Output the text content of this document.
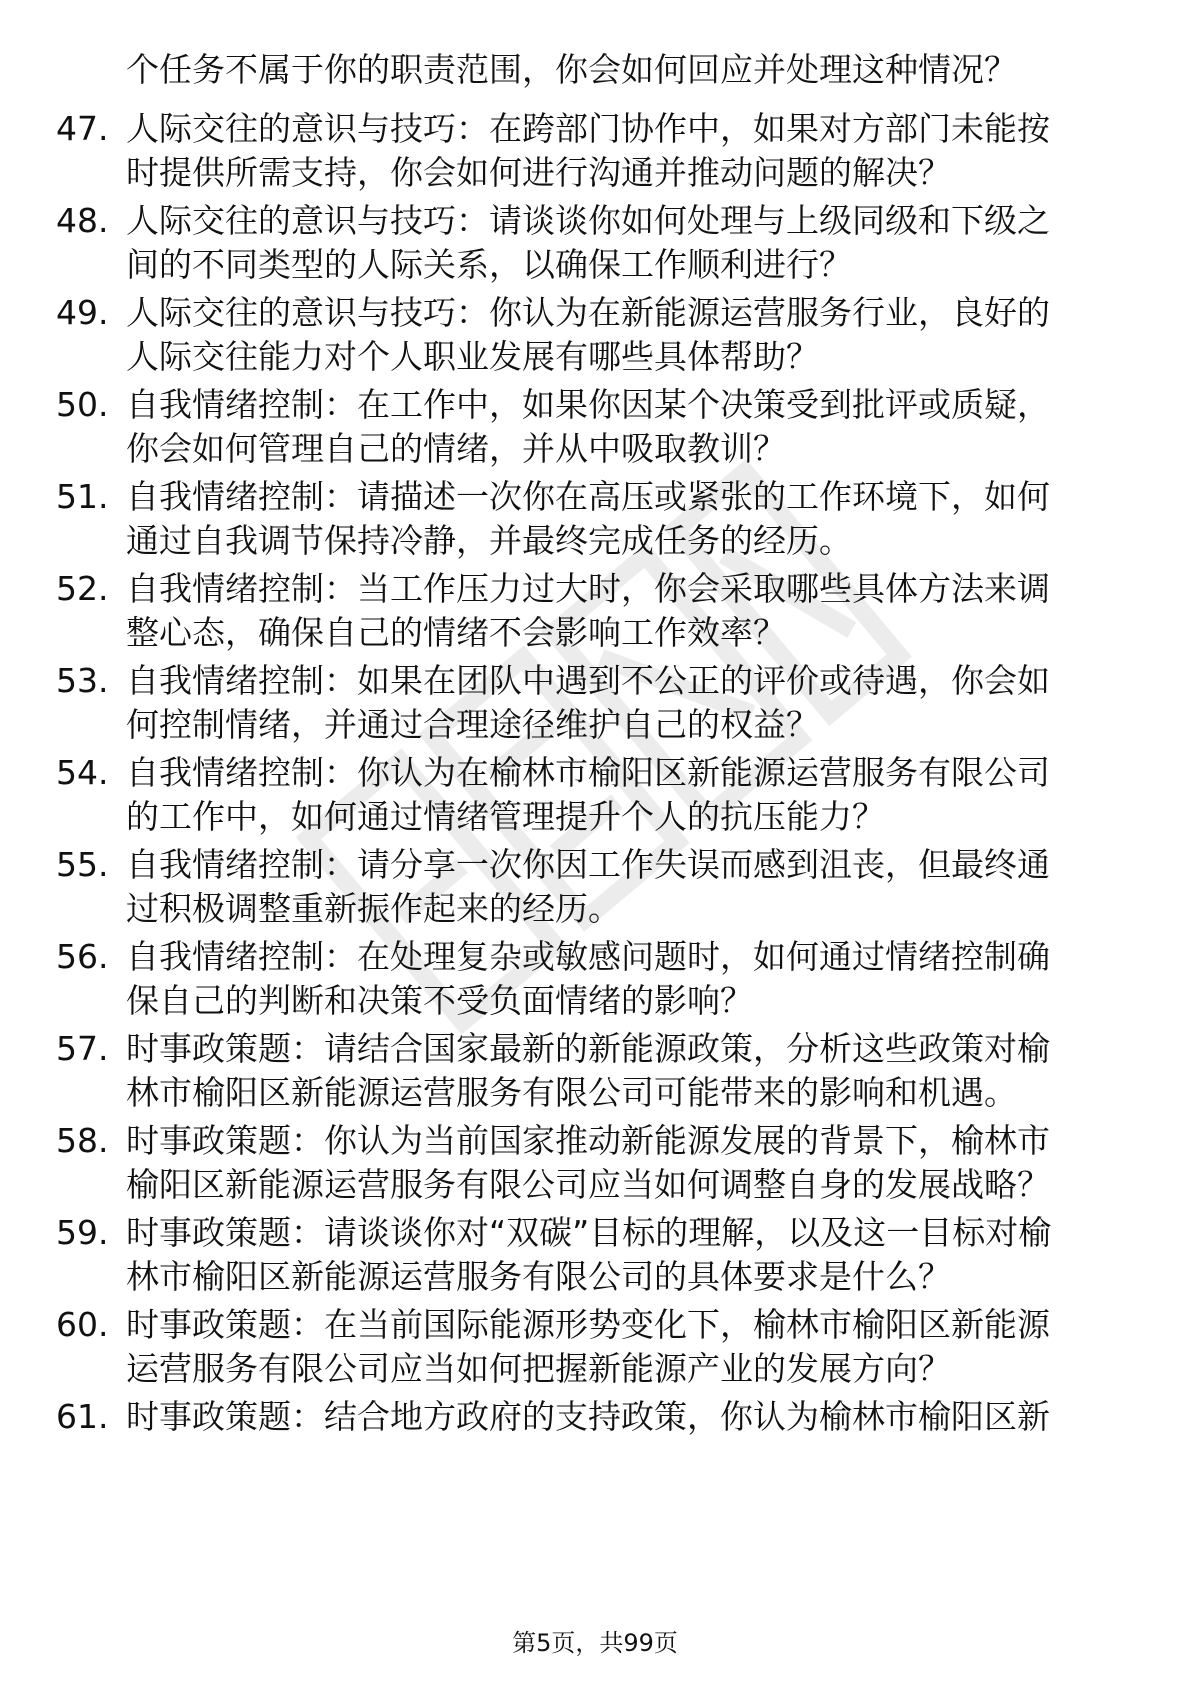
个任务不属于你的职责范围，你会如何回应并处理这种情况？
47. 人际交往的意识与技巧：在跨部门协作中，如果对方部门未能按
时提供所需支持，你会如何进行沟通并推动问题的解决？
48. 人际交往的意识与技巧：请谈谈你如何处理与上级同级和下级之
间的不同类型的人际关系，以确保工作顺利进行？
49. 人际交往的意识与技巧：你认为在新能源运营服务行业，良好的
人际交往能力对个人职业发展有哪些具体帮助？
50. 自我情绪控制：在工作中，如果你因某个决策受到批评或质疑，
你会如何管理自己的情绪，并从中吸取教训？
51. 自我情绪控制：请描述一次你在高压或紧张的工作环境下，如何
通过自我调节保持冷静，并最终完成任务的经历。
52. 自我情绪控制：当工作压力过大时，你会采取哪些具体方法来调
整心态，确保自己的情绪不会影响工作效率？
53. 自我情绪控制：如果在团队中遇到不公正的评价或待遇，你会如
何控制情绪，并通过合理途径维护自己的权益？
54. 自我情绪控制：你认为在榆林市榆阳区新能源运营服务有限公司
的工作中，如何通过情绪管理提升个人的抗压能力？
55. 自我情绪控制：请分享一次你因工作失误而感到沮丧，但最终通
过积极调整重新振作起来的经历。
56. 自我情绪控制：在处理复杂或敏感问题时，如何通过情绪控制确
保自己的判断和决策不受负面情绪的影响？
57. 时事政策题：请结合国家最新的新能源政策，分析这些政策对榆
林市榆阳区新能源运营服务有限公司可能带来的影响和机遇。
58. 时事政策题：你认为当前国家推动新能源发展的背景下，榆林市
榆阳区新能源运营服务有限公司应当如何调整自身的发展战略？
59. 时事政策题：请谈谈你对“双碳”目标的理解，以及这一目标对榆
林市榆阳区新能源运营服务有限公司的具体要求是什么？
60. 时事政策题：在当前国际能源形势变化下，榆林市榆阳区新能源
运营服务有限公司应当如何把握新能源产业的发展方向？
61. 时事政策题：结合地方政府的支持政策，你认为榆林市榆阳区新
第5页，共99页
